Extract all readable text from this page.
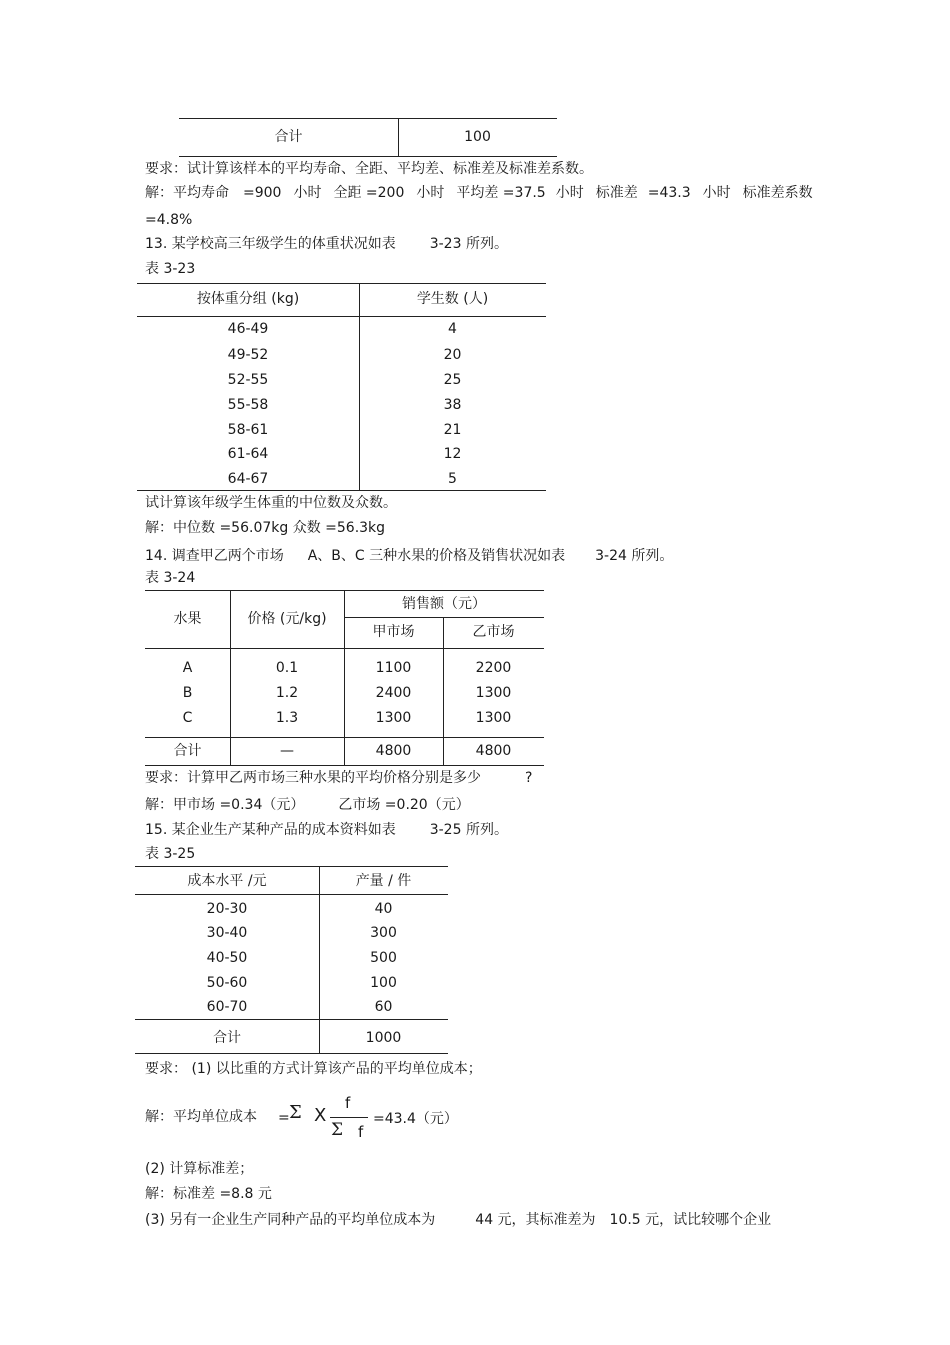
合计	100
要求：试计算该样本的平均寿命、全距、平均差、标准差及标准差系数。
解：平均寿命 =900 小时 全距 =200 小时 平均差 =37.5 小时 标准差 =43.3 小时 标准差系数
=4.8%
13. 某学校高三年级学生的体重状况如表 3-23 所列。
表 3-23
按体重分组 (kg)	学生数 (人)
46-49	4
49-52	20
52-55	25
55-58	38
58-61	21
61-64	12
64-67	5
试计算该年级学生体重的中位数及众数。
解：中位数 =56.07kg 众数 =56.3kg
14. 调查甲乙两个市场 A、B、C 三种水果的价格及销售状况如表 3-24 所列。
表 3-24
水果	价格 (元/kg)
销售额（元）
甲市场	乙市场
A	0.1	1100	2200
B	1.2	2400	1300
C	1.3	1300	1300
合计	—	4800	4800
要求：计算甲乙两市场三种水果的平均价格分别是多少	?
解：甲市场 =0.34（元） 乙市场 =0.20（元）
15. 某企业生产某种产品的成本资料如表 3-25 所列。
表 3-25
成本水平 /元	产量 / 件
20-30	40
30-40	300
40-50	500
50-60	100
60-70	60
合计	1000
要求： (1) 以比重的方式计算该产品的平均单位成本；
解：平均单位成本 = Σ X
f
Σ f
=43.4（元）
(2) 计算标准差；
解：标准差 =8.8 元
(3) 另有一企业生产同种产品的平均单位成本为	44 元，其标准差为 10.5 元，试比较哪个企业
